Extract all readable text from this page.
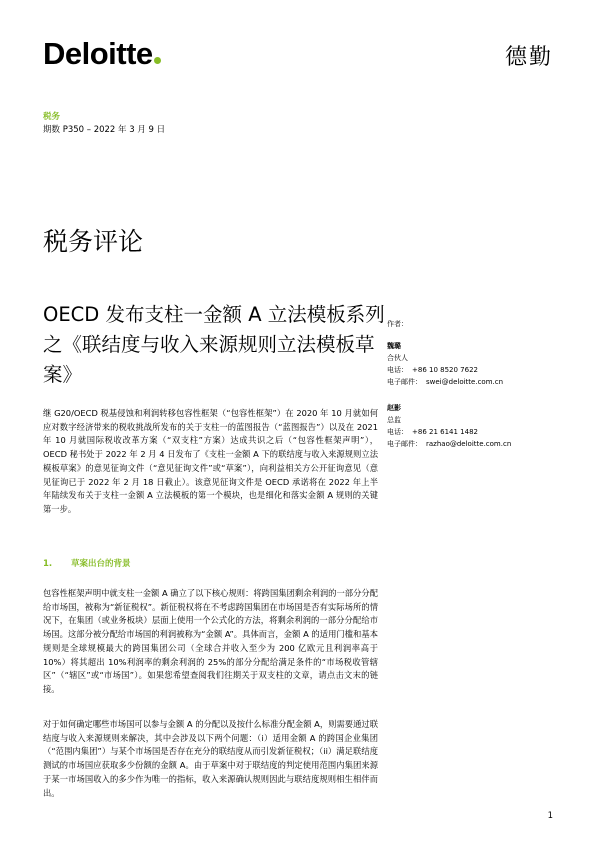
Deloitte	德勤
税务
期数 P350 – 2022 年 3 月 9 日
税务评论
OECD 发布支柱一金额 A 立法模板系列之《联结度与收入来源规则立法模板草案》
作者：
魏璐
合伙人
电话： +86 10 8520 7622
电子邮件： swei@deloitte.com.cn
赵影
总监
电话： +86 21 6141 1482
电子邮件： razhao@deloitte.com.cn

继 G20/OECD 税基侵蚀和利润转移包容性框架（“包容性框架”）在 2020 年 10 月就如何应对数字经济带来的税收挑战所发布的关于支柱一的蓝图报告（“蓝图报告”）以及在 2021 年 10 月就国际税收改革方案（“双支柱”方案）达成共识之后（“包容性框架声明”）， OECD 秘书处于 2022 年 2 月 4 日发布了《支柱一金额 A 下的联结度与收入来源规则立法模板草案》的意见征询文件（“意见征询文件”或“草案”），向利益相关方公开征询意见（意见征询已于 2022 年 2 月 18 日截止）。该意见征询文件是 OECD 承诺将在 2022 年上半年陆续发布关于支柱一金额 A 立法模板的第一个模块，也是细化和落实金额 A 规则的关键第一步。

1. 草案出台的背景

包容性框架声明中就支柱一金额 A 确立了以下核心规则：将跨国集团剩余利润的一部分分配给市场国，被称为“新征税权”。新征税权将在不考虑跨国集团在市场国是否有实际场所的情况下，在集团（或业务板块）层面上使用一个公式化的方法，将剩余利润的一部分分配给市场国。这部分被分配给市场国的利润被称为“金额 A”。具体而言，金额 A 的适用门槛和基本规则是全球规模最大的跨国集团公司（全球合并收入至少为 200 亿欧元且利润率高于 10%）将其超出 10%利润率的剩余利润的 25%的部分分配给满足条件的“市场税收管辖区”（“辖区”或“市场国”）。如果您希望查阅我们往期关于双支柱的文章，请点击文末的链接。

对于如何确定哪些市场国可以参与金额 A 的分配以及按什么标准分配金额 A，则需要通过联结度与收入来源规则来解决，其中会涉及以下两个问题：（i）适用金额 A 的跨国企业集团（“范围内集团”）与某个市场国是否存在充分的联结度从而引发新征税权；（ii）满足联结度测试的市场国应获取多少份额的金额 A。由于草案中对于联结度的判定使用范围内集团来源于某一市场国收入的多少作为唯一的指标，收入来源确认规则因此与联结度规则相生相伴而出。

1
